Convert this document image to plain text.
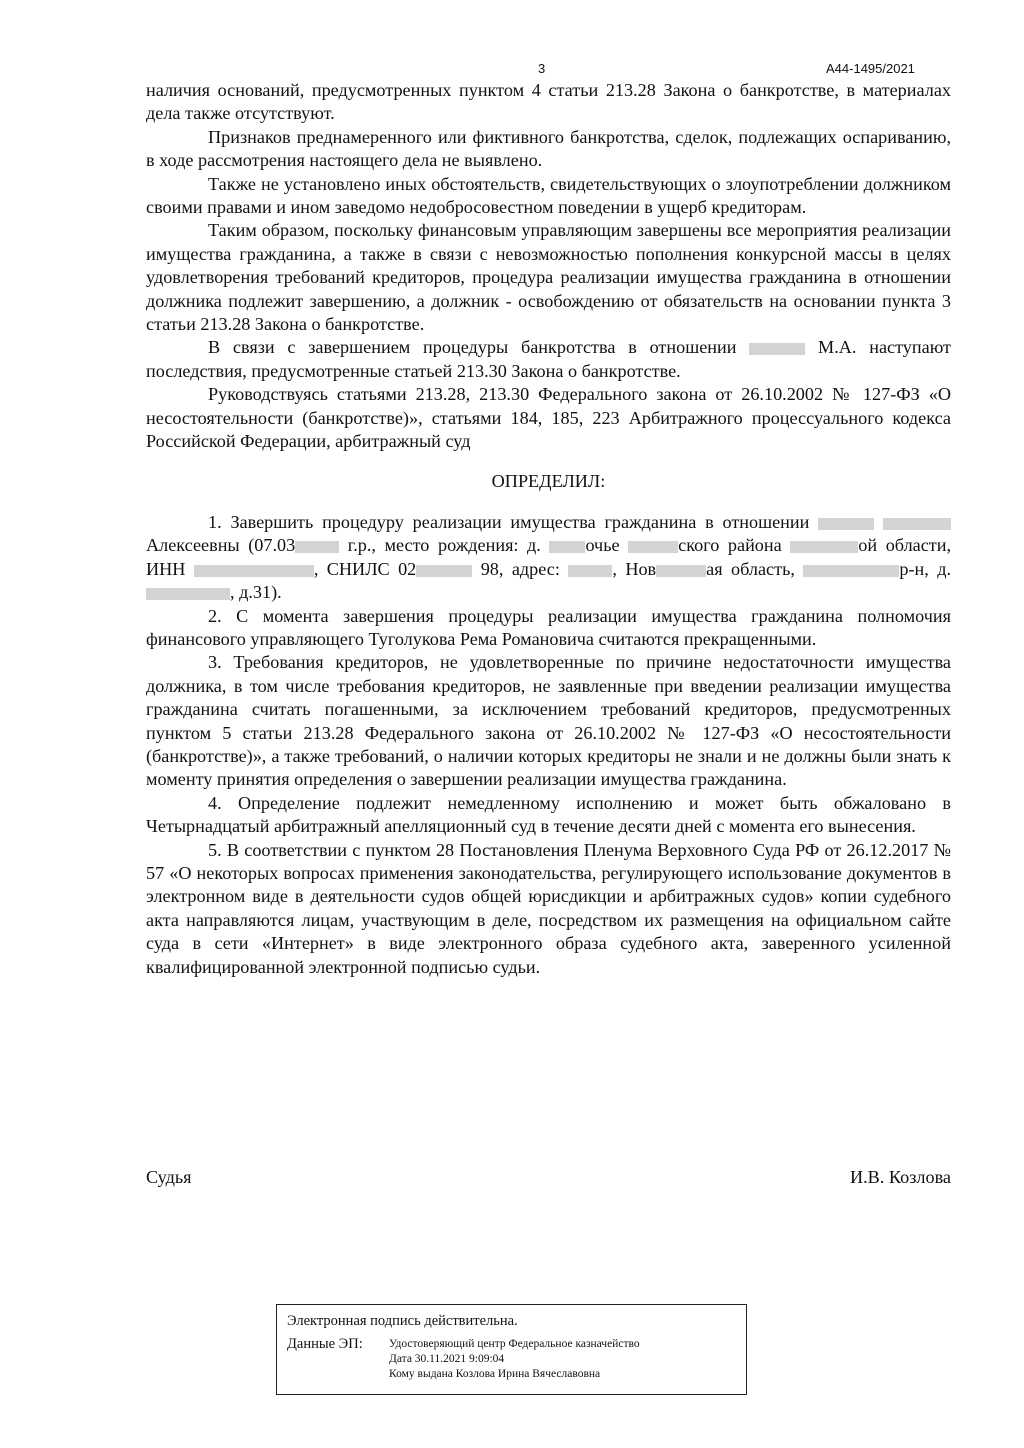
3	А44-1495/2021

наличия оснований, предусмотренных пунктом 4 статьи 213.28 Закона о банкротстве, в материалах дела также отсутствуют.

Признаков преднамеренного или фиктивного банкротства, сделок, подлежащих оспариванию, в ходе рассмотрения настоящего дела не выявлено.

Также не установлено иных обстоятельств, свидетельствующих о злоупотреблении должником своими правами и ином заведомо недобросовестном поведении в ущерб кредиторам.

Таким образом, поскольку финансовым управляющим завершены все мероприятия реализации имущества гражданина, а также в связи с невозможностью пополнения конкурсной массы в целях удовлетворения требований кредиторов, процедура реализации имущества гражданина в отношении должника подлежит завершению, а должник - освобождению от обязательств на основании пункта 3 статьи 213.28 Закона о банкротстве.

В связи с завершением процедуры банкротства в отношении	М.А. наступают последствия, предусмотренные статьей 213.30 Закона о банкротстве.

Руководствуясь статьями 213.28, 213.30 Федерального закона от 26.10.2002 № 127-ФЗ «О несостоятельности (банкротстве)», статьями 184, 185, 223 Арбитражного процессуального кодекса Российской Федерации, арбитражный суд

ОПРЕДЕЛИЛ:

1. Завершить процедуру реализации имущества гражданина в отношении   Алексеевны (07.03	г.р., место рождения: д. очье	ского района	ой области, ИНН	, СНИЛС 02	98, адрес:	, Нов	ая область,	р-н, д. , д.31).

2. С момента завершения процедуры реализации имущества гражданина полномочия финансового управляющего Туголукова Рема Романовича считаются прекращенными.

3. Требования кредиторов, не удовлетворенные по причине недостаточности имущества должника, в том числе требования кредиторов, не заявленные при введении реализации имущества гражданина считать погашенными, за исключением требований кредиторов, предусмотренных пунктом 5 статьи 213.28 Федерального закона от 26.10.2002 № 127-ФЗ «О несостоятельности (банкротстве)», а также требований, о наличии которых кредиторы не знали и не должны были знать к моменту принятия определения о завершении реализации имущества гражданина.

4. Определение подлежит немедленному исполнению и может быть обжаловано в Четырнадцатый арбитражный апелляционный суд в течение десяти дней с момента его вынесения.

5. В соответствии с пунктом 28 Постановления Пленума Верховного Суда РФ от 26.12.2017 № 57 «О некоторых вопросах применения законодательства, регулирующего использование документов в электронном виде в деятельности судов общей юрисдикции и арбитражных судов» копии судебного акта направляются лицам, участвующим в деле, посредством их размещения на официальном сайте суда в сети «Интернет» в виде электронного образа судебного акта, заверенного усиленной квалифицированной электронной подписью судьи.

Судья	И.В. Козлова
Электронная подпись действительна.
Данные ЭП:	Удостоверяющий центр Федеральное казначейство
Дата 30.11.2021 9:09:04
Кому выдана Козлова Ирина Вячеславовна
